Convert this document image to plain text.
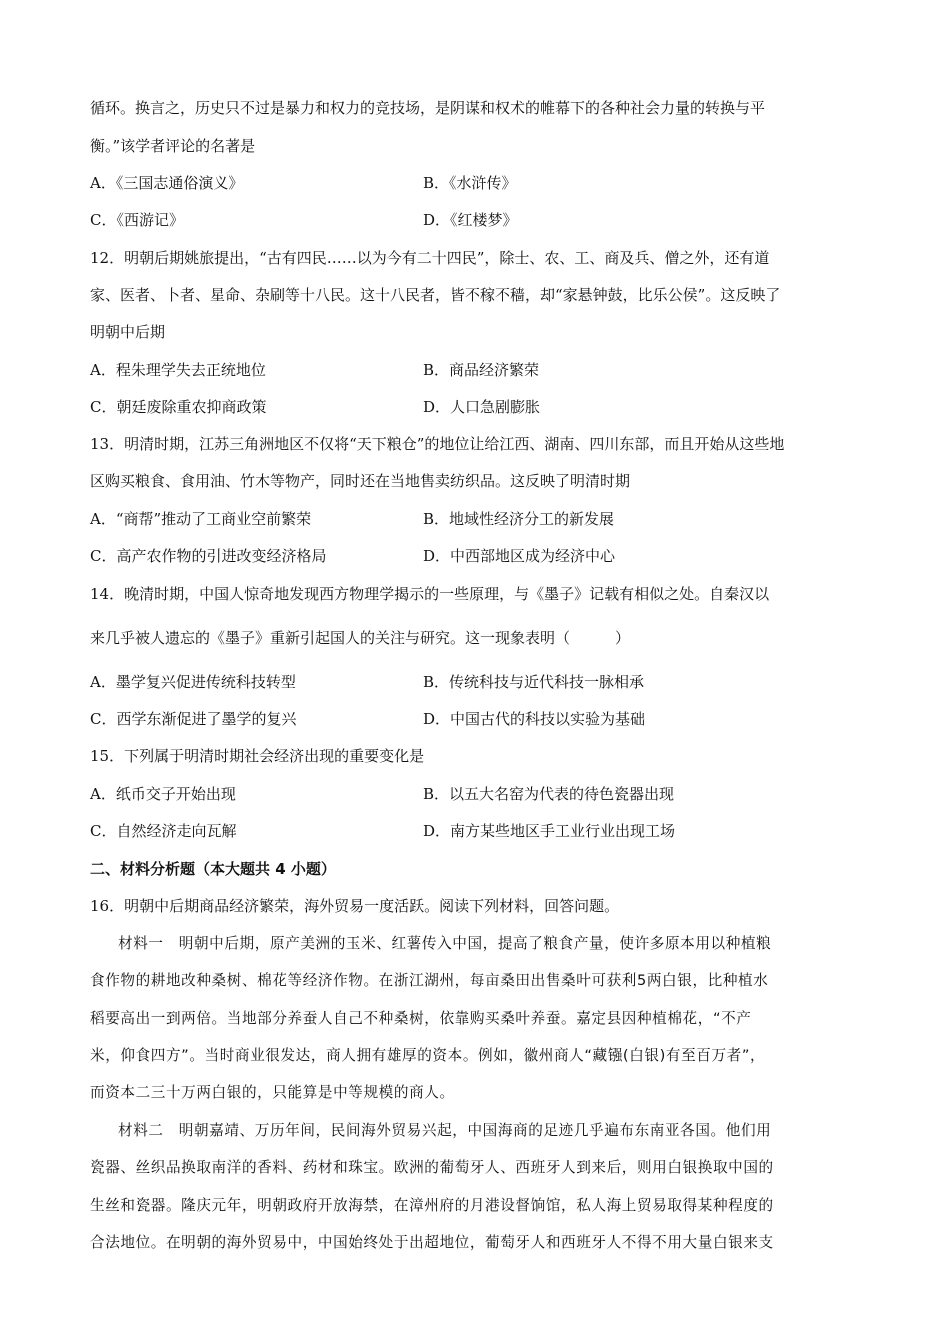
循环。换言之，历史只不过是暴力和权力的竞技场，是阴谋和权术的帷幕下的各种社会力量的转换与平
衡。”该学者评论的名著是
A．《三国志通俗演义》	B．《水浒传》
C．《西游记》	D．《红楼梦》
12．明朝后期姚旅提出，“古有四民……以为今有二十四民”，除士、农、工、商及兵、僧之外，还有道
家、医者、卜者、星命、杂刷等十八民。这十八民者，皆不稼不穑，却“家悬钟鼓，比乐公侯”。这反映了
明朝中后期
A．程朱理学失去正统地位	B．商品经济繁荣
C．朝廷废除重农抑商政策	D．人口急剧膨胀
13．明清时期，江苏三角洲地区不仅将“天下粮仓”的地位让给江西、湖南、四川东部，而且开始从这些地
区购买粮食、食用油、竹木等物产，同时还在当地售卖纺织品。这反映了明清时期
A．“商帮”推动了工商业空前繁荣	B．地域性经济分工的新发展
C．高产农作物的引进改变经济格局	D．中西部地区成为经济中心
14．晚清时期，中国人惊奇地发现西方物理学揭示的一些原理，与《墨子》记载有相似之处。自秦汉以
来几乎被人遗忘的《墨子》重新引起国人的关注与研究。这一现象表明（　　　）
A．墨学复兴促进传统科技转型	B．传统科技与近代科技一脉相承
C．西学东渐促进了墨学的复兴	D．中国古代的科技以实验为基础
15．下列属于明清时期社会经济出现的重要变化是
A．纸币交子开始出现	B．以五大名窑为代表的待色瓷器出现
C．自然经济走向瓦解	D．南方某些地区手工业行业出现工场
二、材料分析题（本大题共 4 小题）
16．明朝中后期商品经济繁荣，海外贸易一度活跃。阅读下列材料，回答问题。
材料一　明朝中后期，原产美洲的玉米、红薯传入中国，提高了粮食产量，使许多原本用以种植粮
食作物的耕地改种桑树、棉花等经济作物。在浙江湖州，每亩桑田出售桑叶可获利5两白银，比种植水
稻要高出一到两倍。当地部分养蚕人自己不种桑树，依靠购买桑叶养蚕。嘉定县因种植棉花，“不产
米，仰食四方”。当时商业很发达，商人拥有雄厚的资本。例如，徽州商人“藏镪(白银)有至百万者”，
而资本二三十万两白银的，只能算是中等规模的商人。
材料二　明朝嘉靖、万历年间，民间海外贸易兴起，中国海商的足迹几乎遍布东南亚各国。他们用
瓷器、丝织品换取南洋的香料、药材和珠宝。欧洲的葡萄牙人、西班牙人到来后，则用白银换取中国的
生丝和瓷器。隆庆元年，明朝政府开放海禁，在漳州府的月港设督饷馆，私人海上贸易取得某种程度的
合法地位。在明朝的海外贸易中，中国始终处于出超地位，葡萄牙人和西班牙人不得不用大量白银来支
